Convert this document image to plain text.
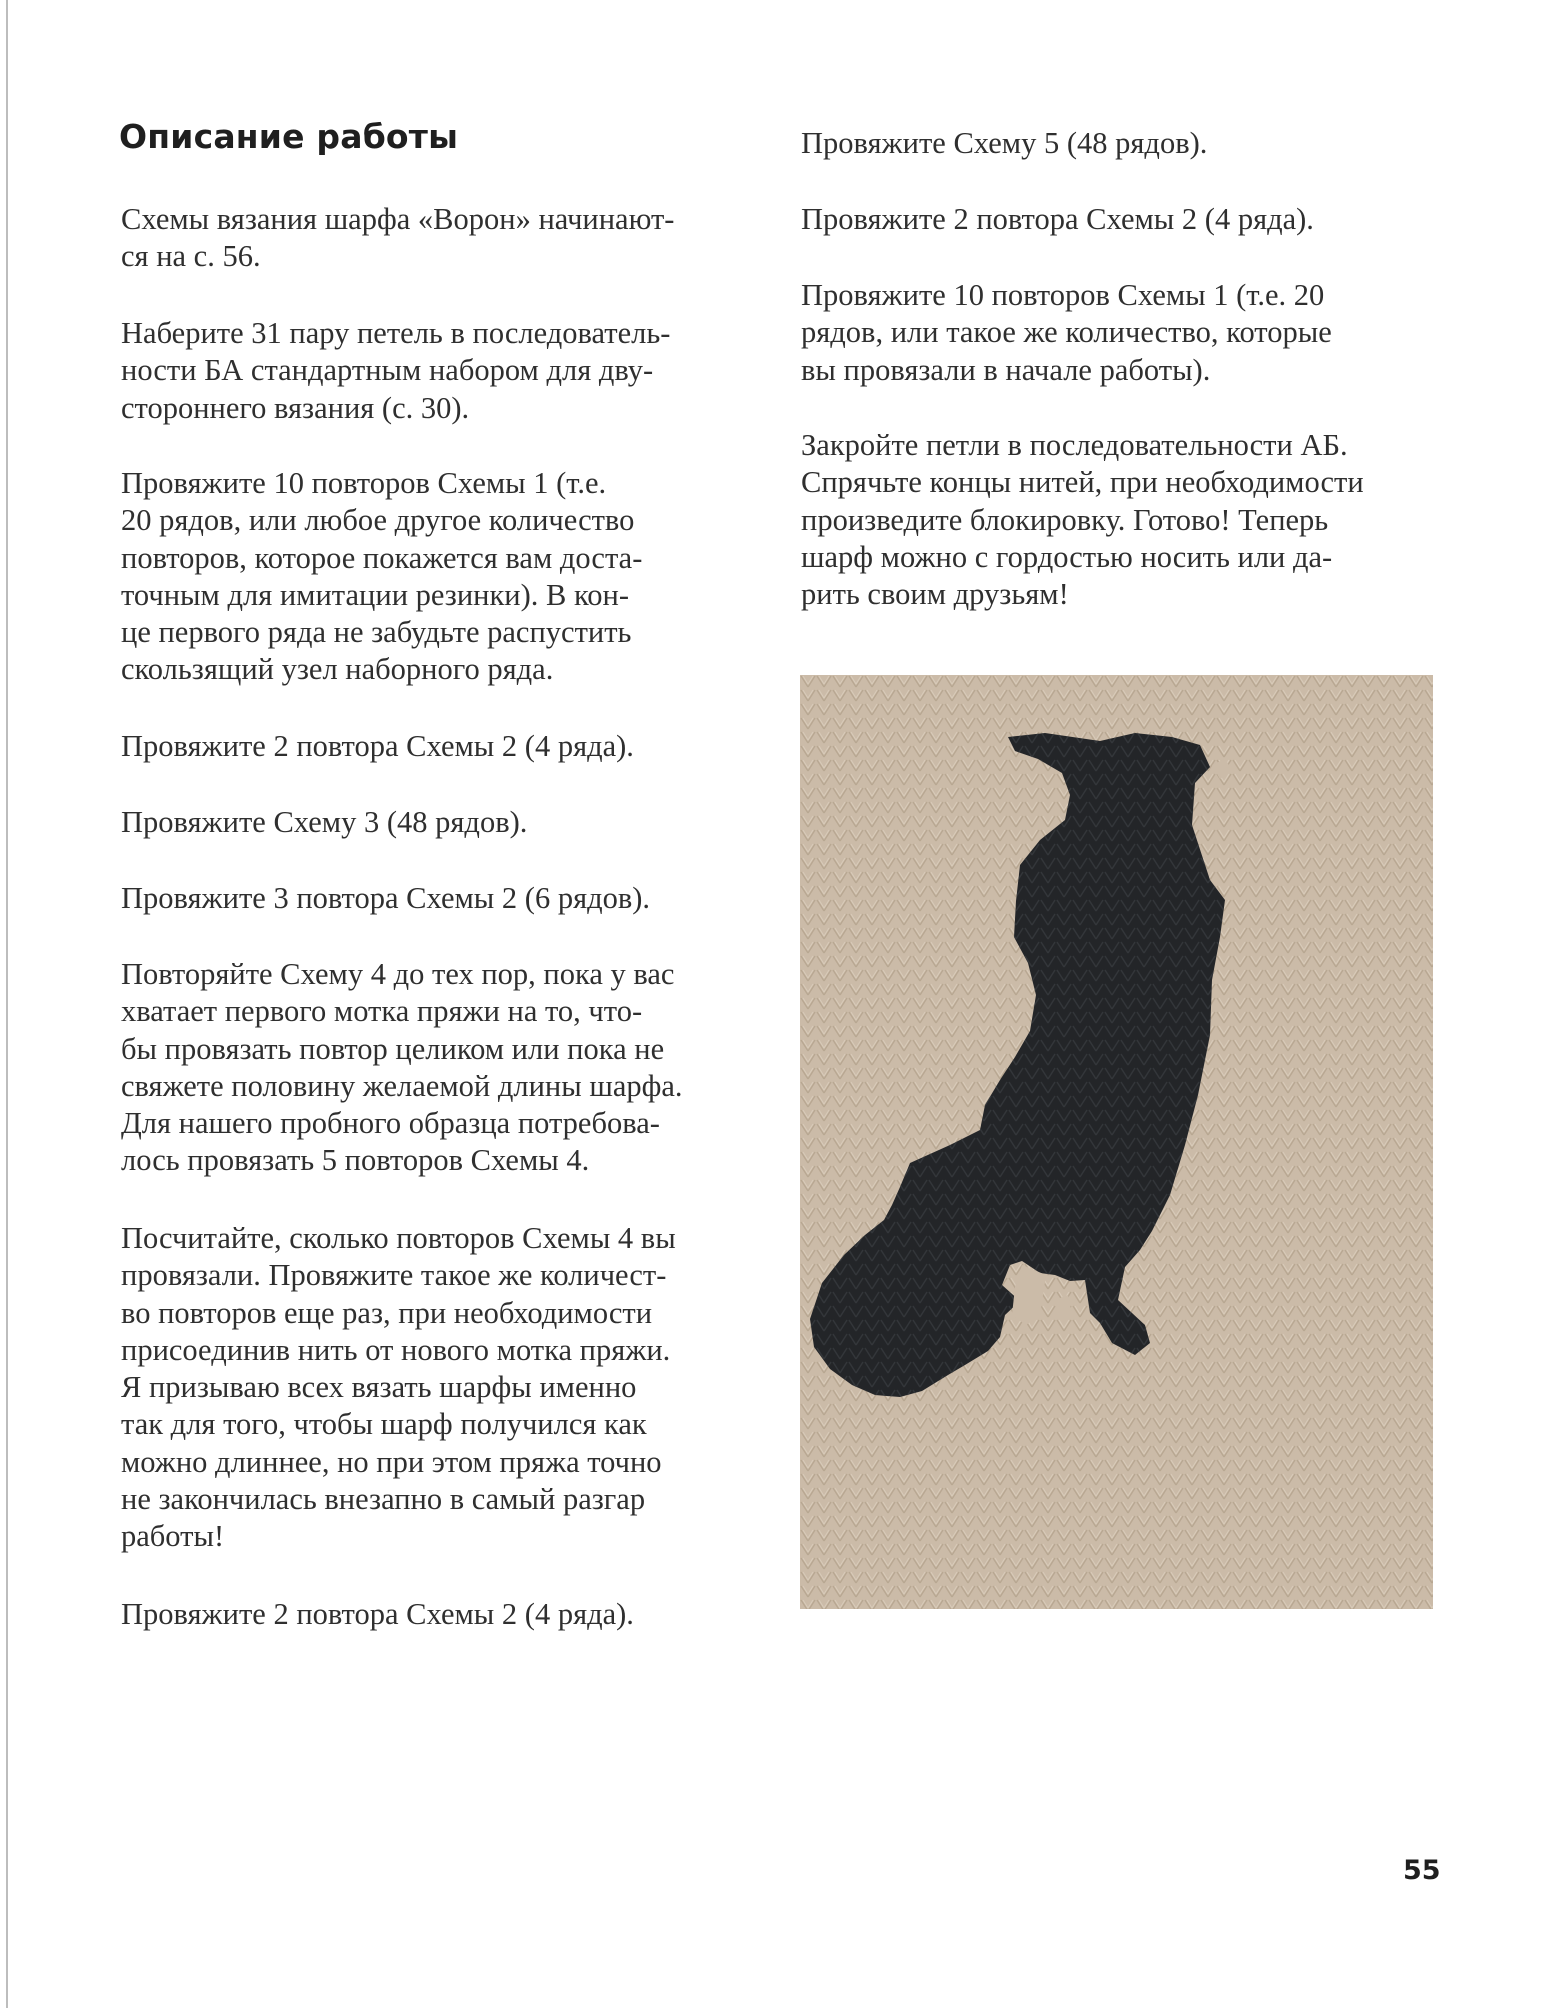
Описание работы

Схемы вязания шарфа «Ворон» начинают-
ся на с. 56.

Наберите 31 пару петель в последователь-
ности БА стандартным набором для дву-
стороннего вязания (с. 30).

Провяжите 10 повторов Схемы 1 (т.е.
20 рядов, или любое другое количество
повторов, которое покажется вам доста-
точным для имитации резинки). В кон-
це первого ряда не забудьте распустить
скользящий узел наборного ряда.

Провяжите 2 повтора Схемы 2 (4 ряда).

Провяжите Схему 3 (48 рядов).

Провяжите 3 повтора Схемы 2 (6 рядов).

Повторяйте Схему 4 до тех пор, пока у вас
хватает первого мотка пряжи на то, что-
бы провязать повтор целиком или пока не
свяжете половину желаемой длины шарфа.
Для нашего пробного образца потребова-
лось провязать 5 повторов Схемы 4.

Посчитайте, сколько повторов Схемы 4 вы
провязали. Провяжите такое же количест-
во повторов еще раз, при необходимости
присоединив нить от нового мотка пряжи.
Я призываю всех вязать шарфы именно
так для того, чтобы шарф получился как
можно длиннее, но при этом пряжа точно
не закончилась внезапно в самый разгар
работы!

Провяжите 2 повтора Схемы 2 (4 ряда).

Провяжите Схему 5 (48 рядов).

Провяжите 2 повтора Схемы 2 (4 ряда).

Провяжите 10 повторов Схемы 1 (т.е. 20
рядов, или такое же количество, которые
вы провязали в начале работы).

Закройте петли в последовательности АБ.
Спрячьте концы нитей, при необходимости
произведите блокировку. Готово! Теперь
шарф можно с гордостью носить или да-
рить своим друзьям!

55
